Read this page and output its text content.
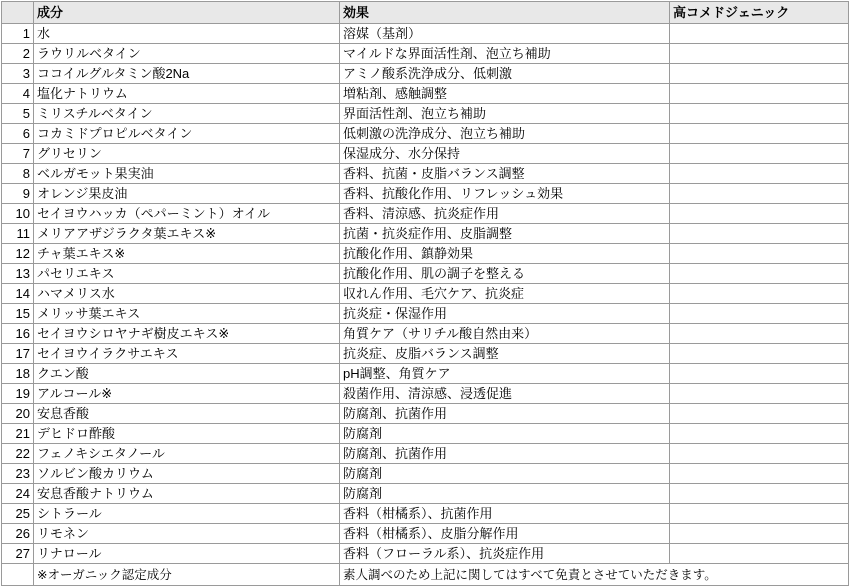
	成分	効果	高コメドジェニック
1	水	溶媒（基剤）	
2	ラウリルベタイン	マイルドな界面活性剤、泡立ち補助	
3	ココイルグルタミン酸2Na	アミノ酸系洗浄成分、低刺激	
4	塩化ナトリウム	増粘剤、感触調整	
5	ミリスチルベタイン	界面活性剤、泡立ち補助	
6	コカミドプロピルベタイン	低刺激の洗浄成分、泡立ち補助	
7	グリセリン	保湿成分、水分保持	
8	ベルガモット果実油	香料、抗菌・皮脂バランス調整	
9	オレンジ果皮油	香料、抗酸化作用、リフレッシュ効果	
10	セイヨウハッカ（ペパーミント）オイル	香料、清涼感、抗炎症作用	
11	メリアアザジラクタ葉エキス※	抗菌・抗炎症作用、皮脂調整	
12	チャ葉エキス※	抗酸化作用、鎮静効果	
13	パセリエキス	抗酸化作用、肌の調子を整える	
14	ハマメリス水	収れん作用、毛穴ケア、抗炎症	
15	メリッサ葉エキス	抗炎症・保湿作用	
16	セイヨウシロヤナギ樹皮エキス※	角質ケア（サリチル酸自然由来）	
17	セイヨウイラクサエキス	抗炎症、皮脂バランス調整	
18	クエン酸	pH調整、角質ケア	
19	アルコール※	殺菌作用、清涼感、浸透促進	
20	安息香酸	防腐剤、抗菌作用	
21	デヒドロ酢酸	防腐剤	
22	フェノキシエタノール	防腐剤、抗菌作用	
23	ソルビン酸カリウム	防腐剤	
24	安息香酸ナトリウム	防腐剤	
25	シトラール	香料（柑橘系）、抗菌作用	
26	リモネン	香料（柑橘系）、皮脂分解作用	
27	リナロール	香料（フローラル系）、抗炎症作用	
	※オーガニック認定成分	素人調べのため上記に関してはすべて免責とさせていただきます。	
